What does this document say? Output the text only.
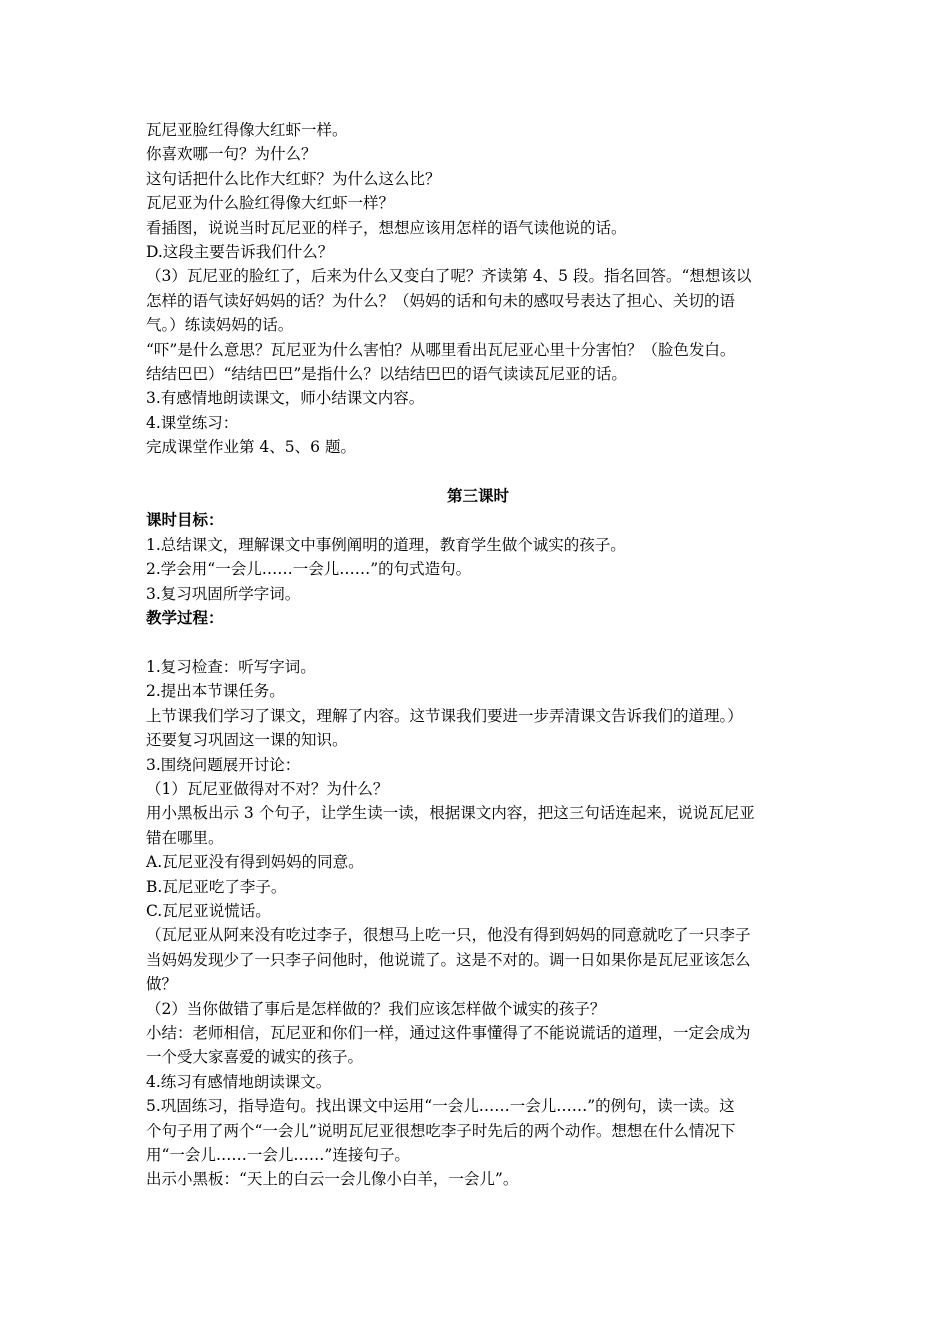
瓦尼亚脸红得像大红虾一样。
你喜欢哪一句？为什么？
这句话把什么比作大红虾？为什么这么比？
瓦尼亚为什么脸红得像大红虾一样？
看插图，说说当时瓦尼亚的样子，想想应该用怎样的语气读他说的话。
D.这段主要告诉我们什么？
（3）瓦尼亚的脸红了，后来为什么又变白了呢？齐读第 4、5 段。指名回答。“想想该以
怎样的语气读好妈妈的话？为什么？（妈妈的话和句未的感叹号表达了担心、关切的语
气。）练读妈妈的话。
“吓”是什么意思？瓦尼亚为什么害怕？从哪里看出瓦尼亚心里十分害怕？（脸色发白。
结结巴巴）“结结巴巴”是指什么？以结结巴巴的语气读读瓦尼亚的话。
3.有感情地朗读课文，师小结课文内容。
4.课堂练习：
完成课堂作业第 4、5、6 题。
第三课时
课时目标：
1.总结课文，理解课文中事例阐明的道理，教育学生做个诚实的孩子。
2.学会用“一会儿……一会儿……”的句式造句。
3.复习巩固所学字词。
教学过程：
1.复习检查：听写字词。
2.提出本节课任务。
上节课我们学习了课文，理解了内容。这节课我们要进一步弄清课文告诉我们的道理。）
还要复习巩固这一课的知识。
3.围绕问题展开讨论：
（1）瓦尼亚做得对不对？为什么？
用小黑板出示 3 个句子，让学生读一读，根据课文内容，把这三句话连起来，说说瓦尼亚
错在哪里。
A.瓦尼亚没有得到妈妈的同意。
B.瓦尼亚吃了李子。
C.瓦尼亚说慌话。
（瓦尼亚从阿来没有吃过李子，很想马上吃一只，他没有得到妈妈的同意就吃了一只李子
当妈妈发现少了一只李子问他时，他说谎了。这是不对的。调一日如果你是瓦尼亚该怎么
做？
（2）当你做错了事后是怎样做的？我们应该怎样做个诚实的孩子？
小结：老师相信，瓦尼亚和你们一样，通过这件事懂得了不能说谎话的道理，一定会成为
一个受大家喜爱的诚实的孩子。
4.练习有感情地朗读课文。
5.巩固练习，指导造句。找出课文中运用“一会儿……一会儿……”的例句，读一读。这
个句子用了两个“一会儿”说明瓦尼亚很想吃李子时先后的两个动作。想想在什么情况下
用“一会儿……一会儿……”连接句子。
出示小黑板：“天上的白云一会儿像小白羊，一会儿”。
